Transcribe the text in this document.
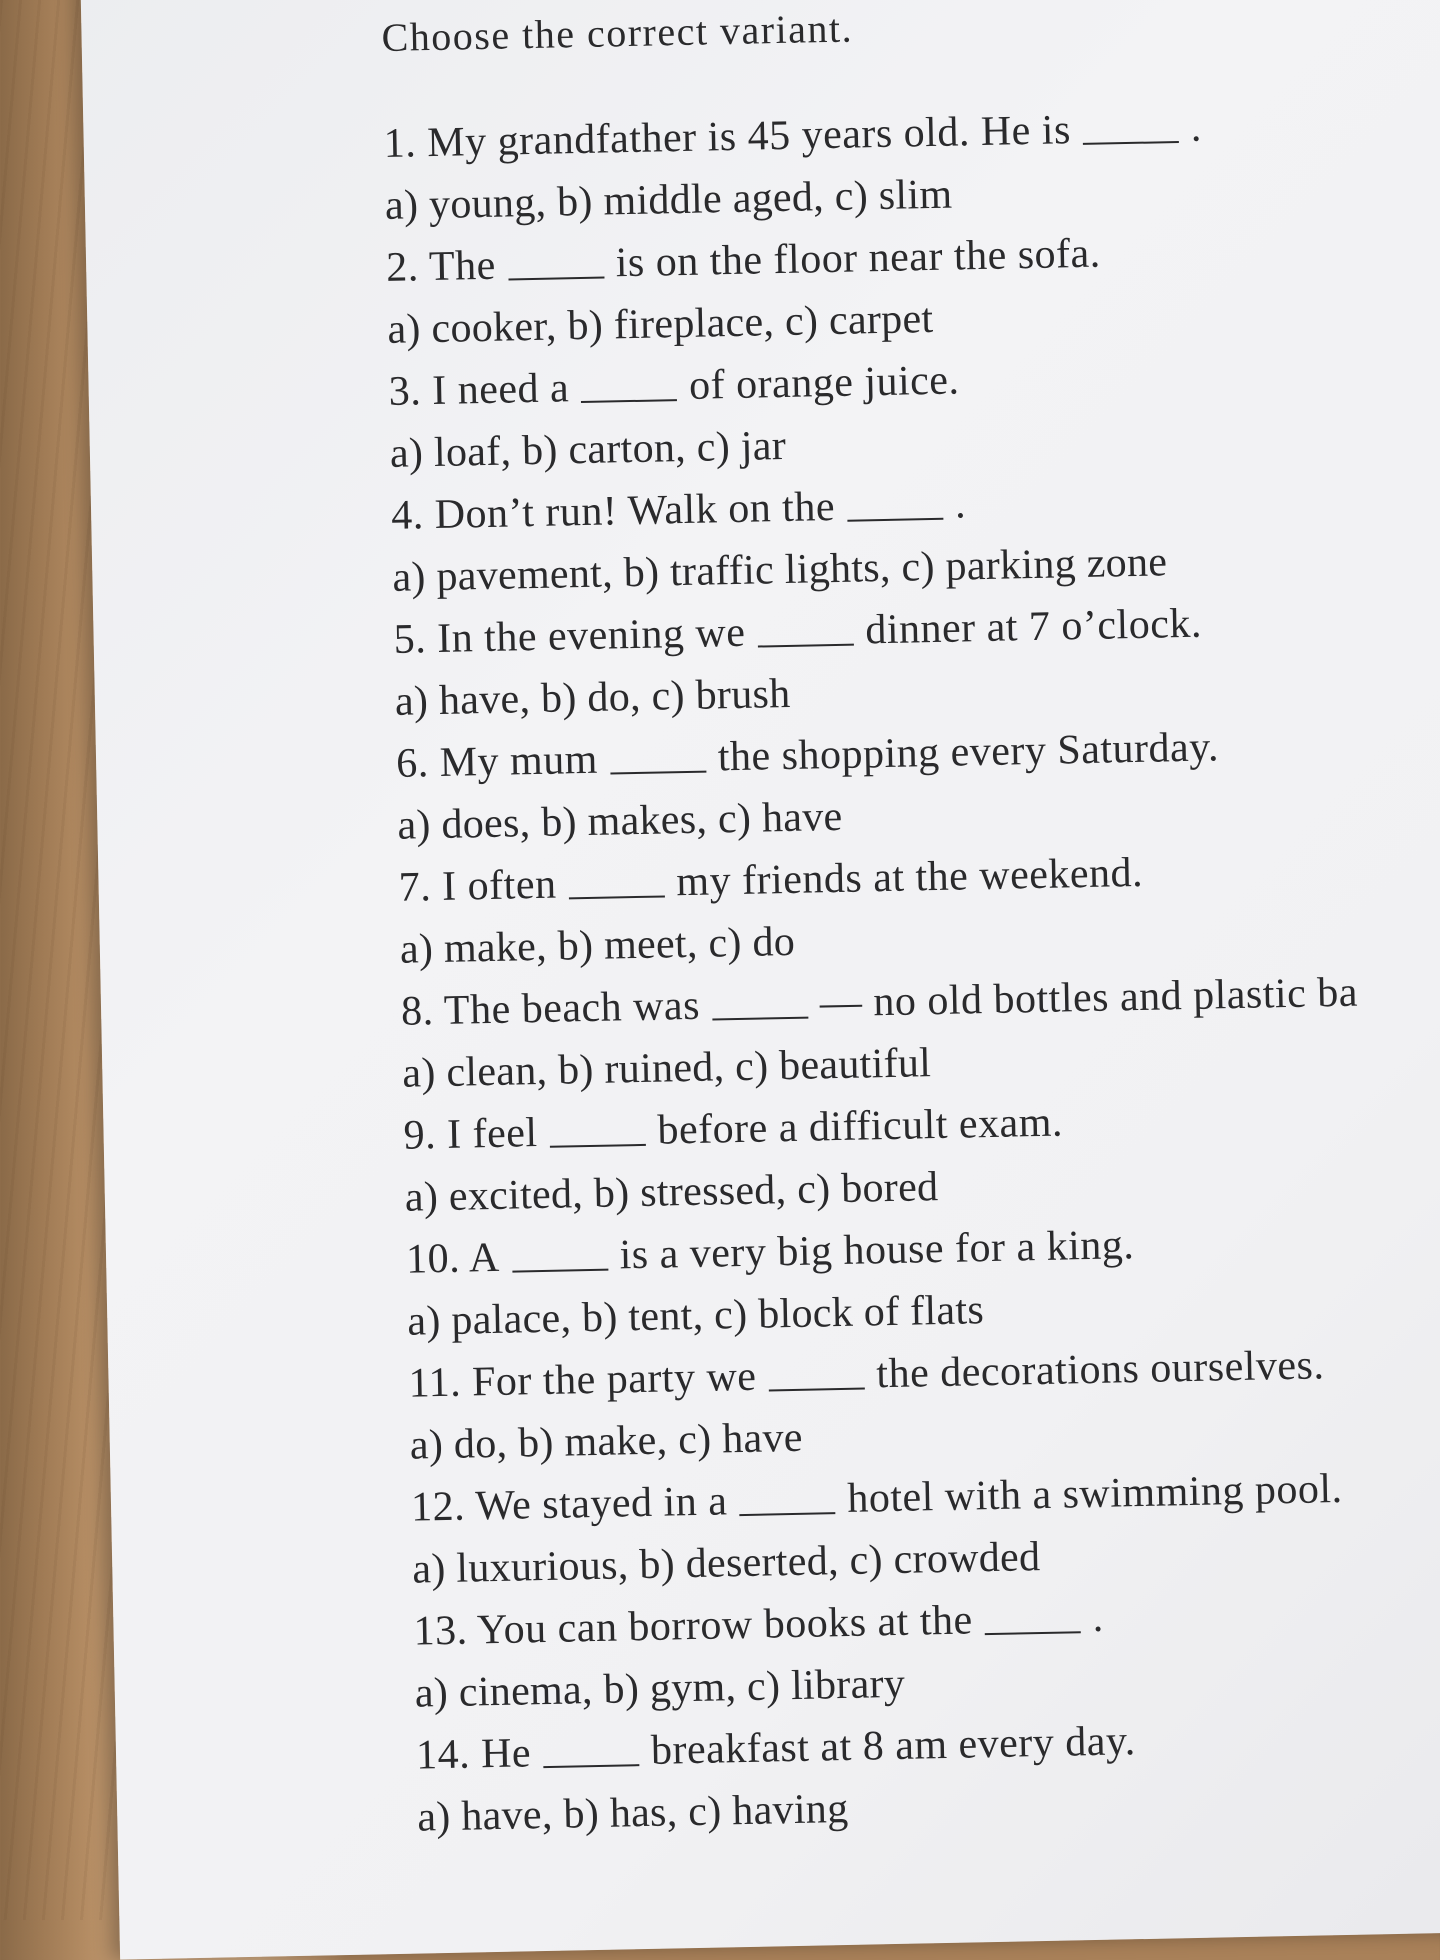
Choose the correct variant.

1. My grandfather is 45 years old. He is	.

a) young, b) middle aged, c) slim

2. The	is on the floor near the sofa.

a) cooker, b) fireplace, c) carpet

3. I need a	of orange juice.

a) loaf, b) carton, c) jar

4. Don’t run! Walk on the	.

a) pavement, b) traffic lights, c) parking zone

5. In the evening we	dinner at 7 o’clock.

a) have, b) do, c) brush

6. My mum	the shopping every Saturday.

a) does, b) makes, c) have

7. I often	my friends at the weekend.

a) make, b) meet, c) do

8. The beach was	— no old bottles and plastic ba

a) clean, b) ruined, c) beautiful

9. I feel	before a difficult exam.

a) excited, b) stressed, c) bored

10. A	is a very big house for a king.

a) palace, b) tent, c) block of flats

11. For the party we	the decorations ourselves.

a) do, b) make, c) have

12. We stayed in a	hotel with a swimming pool.

a) luxurious, b) deserted, c) crowded

13. You can borrow books at the	.

a) cinema, b) gym, c) library

14. He	breakfast at 8 am every day.

a) have, b) has, c) having
